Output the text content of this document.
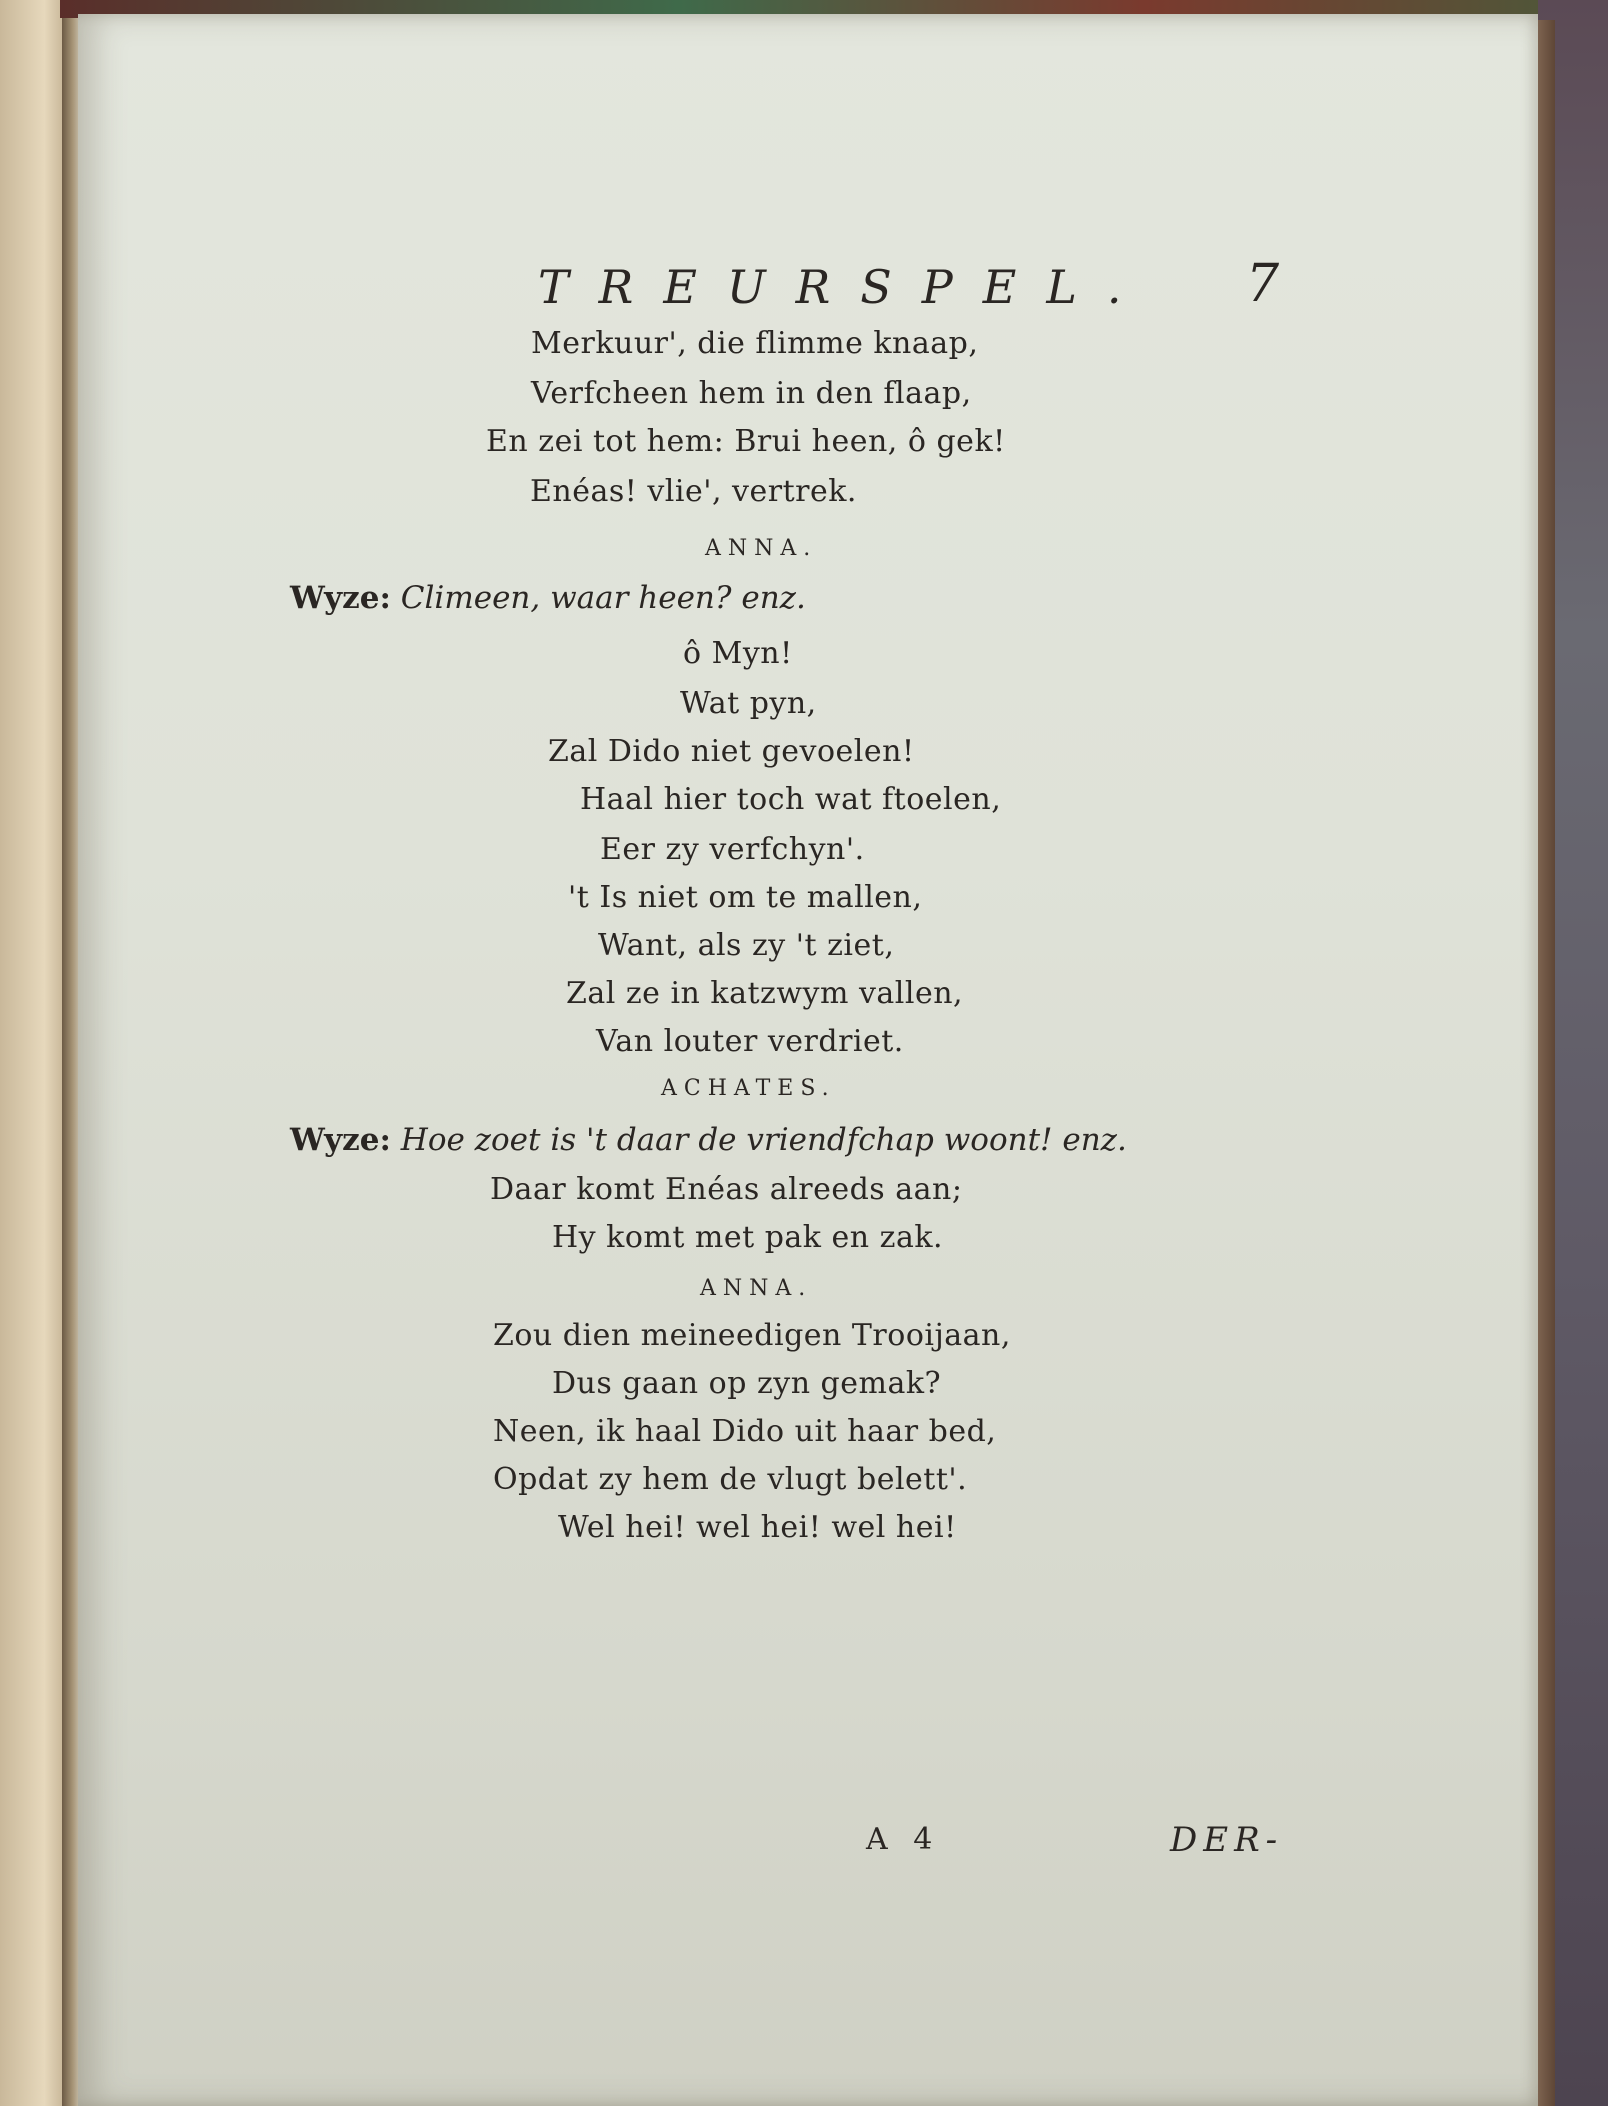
TREURSPEL. 7
Merkuur', die flimme knaap,
Verfcheen hem in den flaap,
En zei tot hem: Brui heen, ô gek!
Enéas! vlie', vertrek.
ANNA.
Wyze: Climeen, waar heen? enz.
ô Myn!
Wat pyn,
Zal Dido niet gevoelen!
Haal hier toch wat ftoelen,
Eer zy verfchyn'.
't Is niet om te mallen,
Want, als zy 't ziet,
Zal ze in katzwym vallen,
Van louter verdriet.
ACHATES.
Wyze: Hoe zoet is 't daar de vriendfchap woont! enz.
Daar komt Enéas alreeds aan;
Hy komt met pak en zak.
ANNA.
Zou dien meineedigen Trooijaan,
Dus gaan op zyn gemak?
Neen, ik haal Dido uit haar bed,
Opdat zy hem de vlugt belett'.
Wel hei! wel hei! wel hei!
A 4	DER-
